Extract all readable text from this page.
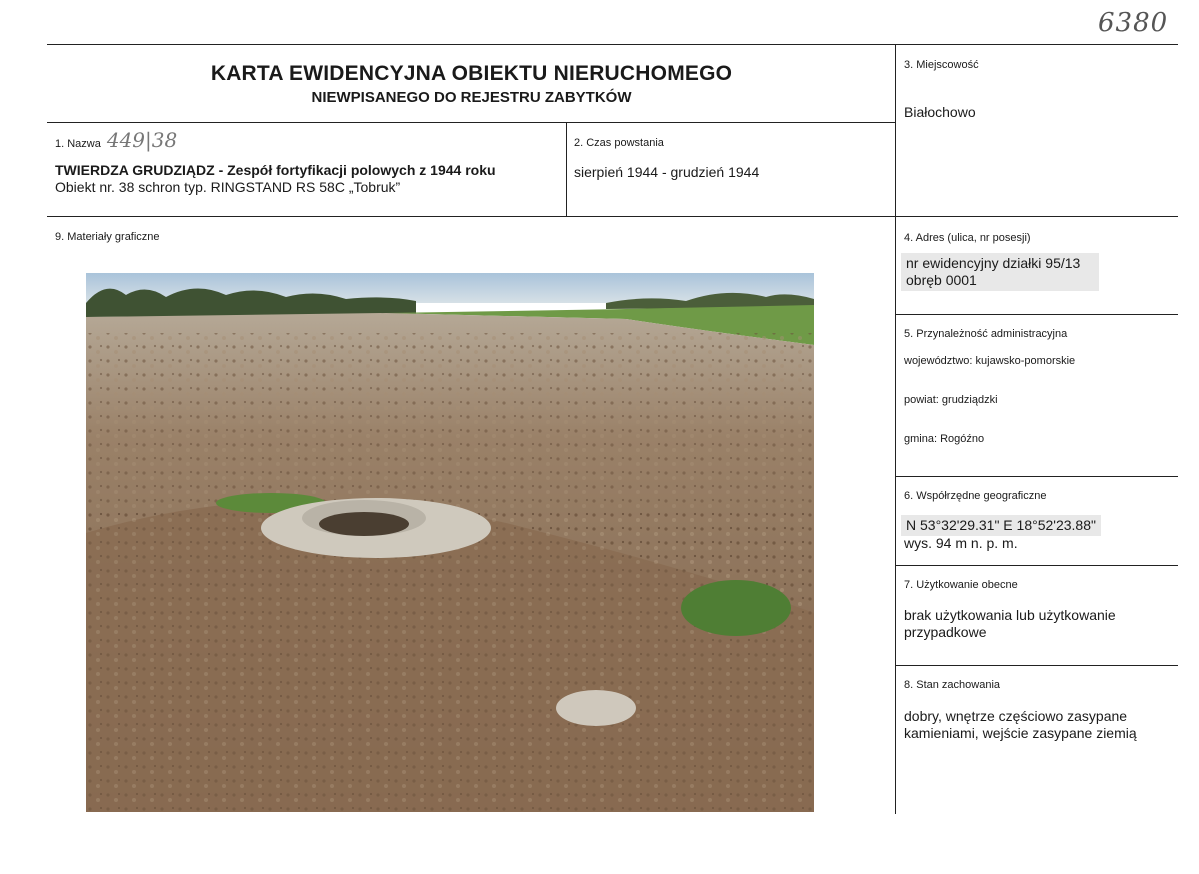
6380
KARTA EWIDENCYJNA OBIEKTU NIERUCHOMEGO
NIEWPISANEGO DO REJESTRU ZABYTKÓW
1. Nazwa 449|38
TWIERDZA GRUDZIĄDZ - Zespół fortyfikacji polowych z 1944 roku
Obiekt nr. 38 schron typ. RINGSTAND RS 58C „Tobruk”
2. Czas powstania
sierpień 1944 - grudzień 1944
3. Miejscowość
Białochowo
9. Materiały graficzne	4. Adres (ulica, nr posesji)
nr ewidencyjny działki 95/13
obręb 0001
5. Przynależność administracyjna
województwo: kujawsko-pomorskie
powiat: grudziądzki
gmina: Rogóźno
6. Współrzędne geograficzne
N 53°32'29.31" E 18°52'23.88"
wys. 94 m n. p. m.
7. Użytkowanie obecne
brak użytkowania lub użytkowanie
przypadkowe
8. Stan zachowania
dobry, wnętrze częściowo zasypane
kamieniami, wejście zasypane ziemią
